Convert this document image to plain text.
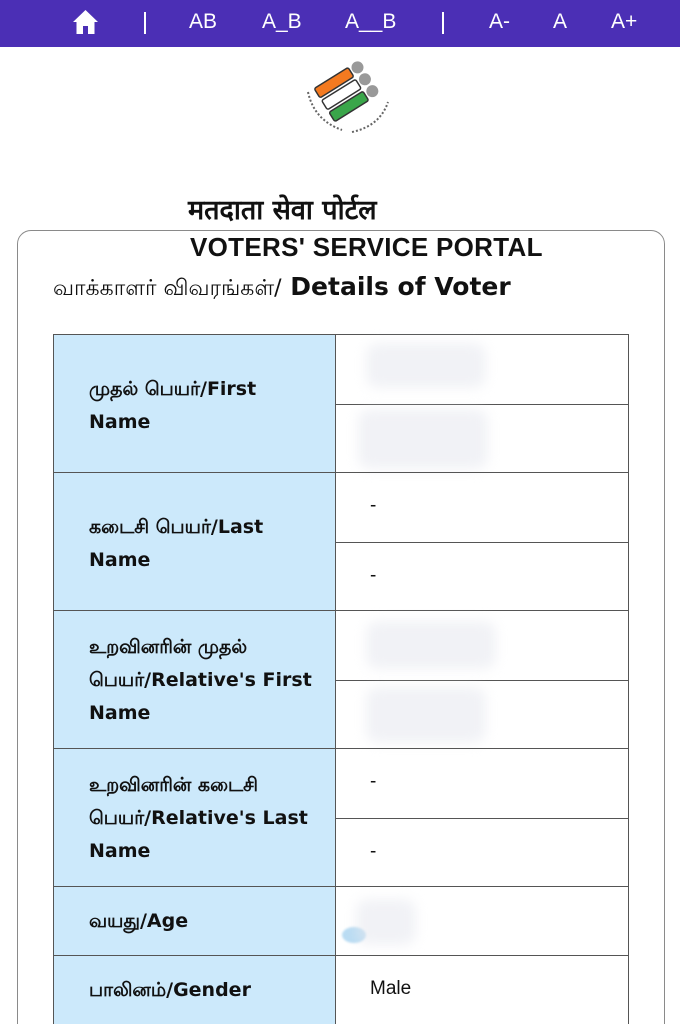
AB A_B A__B	A- A A+
मतदाता सेवा पोर्टल
VOTERS' SERVICE PORTAL
வாக்காளர் விவரங்கள்/ Details of Voter
முதல் பெயர்/First Name
கடைசி பெயர்/Last Name
-
-
உறவினரின் முதல் பெயர்/Relative's First Name
உறவினரின் கடைசி பெயர்/Relative's Last Name
-
-
வயது/Age
பாலினம்/Gender	Male
